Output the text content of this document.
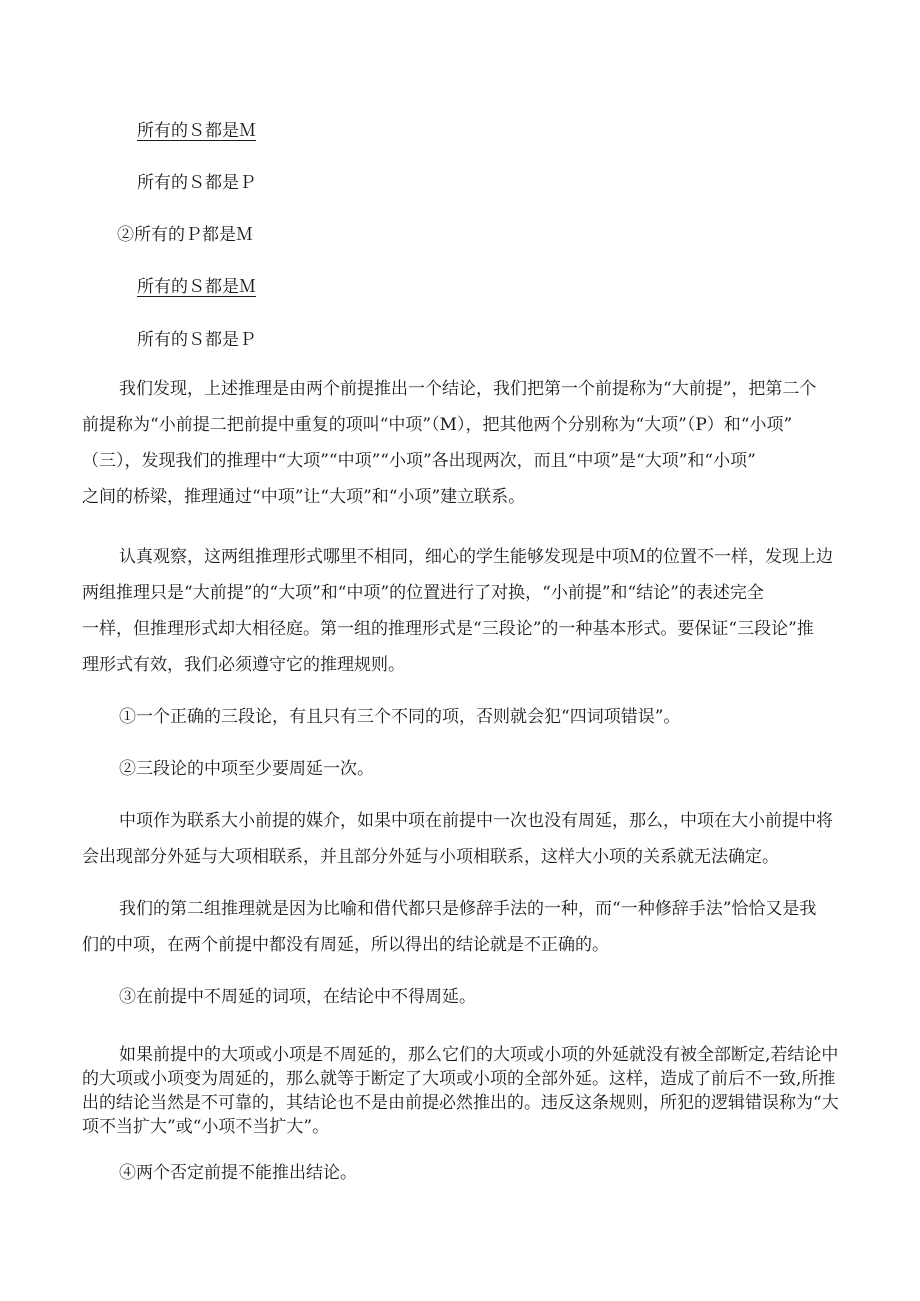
所有的Ｓ都是Ｍ
所有的Ｓ都是Ｐ
②所有的Ｐ都是Ｍ
所有的Ｓ都是Ｍ
所有的Ｓ都是Ｐ
我们发现，上述推理是由两个前提推出一个结论，我们把第一个前提称为“大前提”，把第二个
前提称为“小前提二把前提中重复的项叫“中项”（M），把其他两个分别称为“大项”（P）和“小项”
（三），发现我们的推理中“大项”“中项”“小项”各出现两次，而且“中项”是“大项”和“小项”
之间的桥梁，推理通过“中项”让“大项”和“小项”建立联系。
认真观察，这两组推理形式哪里不相同，细心的学生能够发现是中项Ｍ的位置不一样，发现上边
两组推理只是“大前提”的“大项”和“中项”的位置进行了对换，“小前提”和“结论”的表述完全
一样，但推理形式却大相径庭。第一组的推理形式是“三段论”的一种基本形式。要保证“三段论”推
理形式有效，我们必须遵守它的推理规则。
①一个正确的三段论，有且只有三个不同的项，否则就会犯“四词项错误”。
②三段论的中项至少要周延一次。
中项作为联系大小前提的媒介，如果中项在前提中一次也没有周延，那么，中项在大小前提中将
会出现部分外延与大项相联系，并且部分外延与小项相联系，这样大小项的关系就无法确定。
我们的第二组推理就是因为比喻和借代都只是修辞手法的一种，而“一种修辞手法”恰恰又是我
们的中项，在两个前提中都没有周延，所以得出的结论就是不正确的。
③在前提中不周延的词项，在结论中不得周延。
如果前提中的大项或小项是不周延的，那么它们的大项或小项的外延就没有被全部断定,若结论中
的大项或小项变为周延的，那么就等于断定了大项或小项的全部外延。这样，造成了前后不一致,所推
出的结论当然是不可靠的，其结论也不是由前提必然推出的。违反这条规则，所犯的逻辑错误称为“大
项不当扩大”或“小项不当扩大”。
④两个否定前提不能推出结论。
